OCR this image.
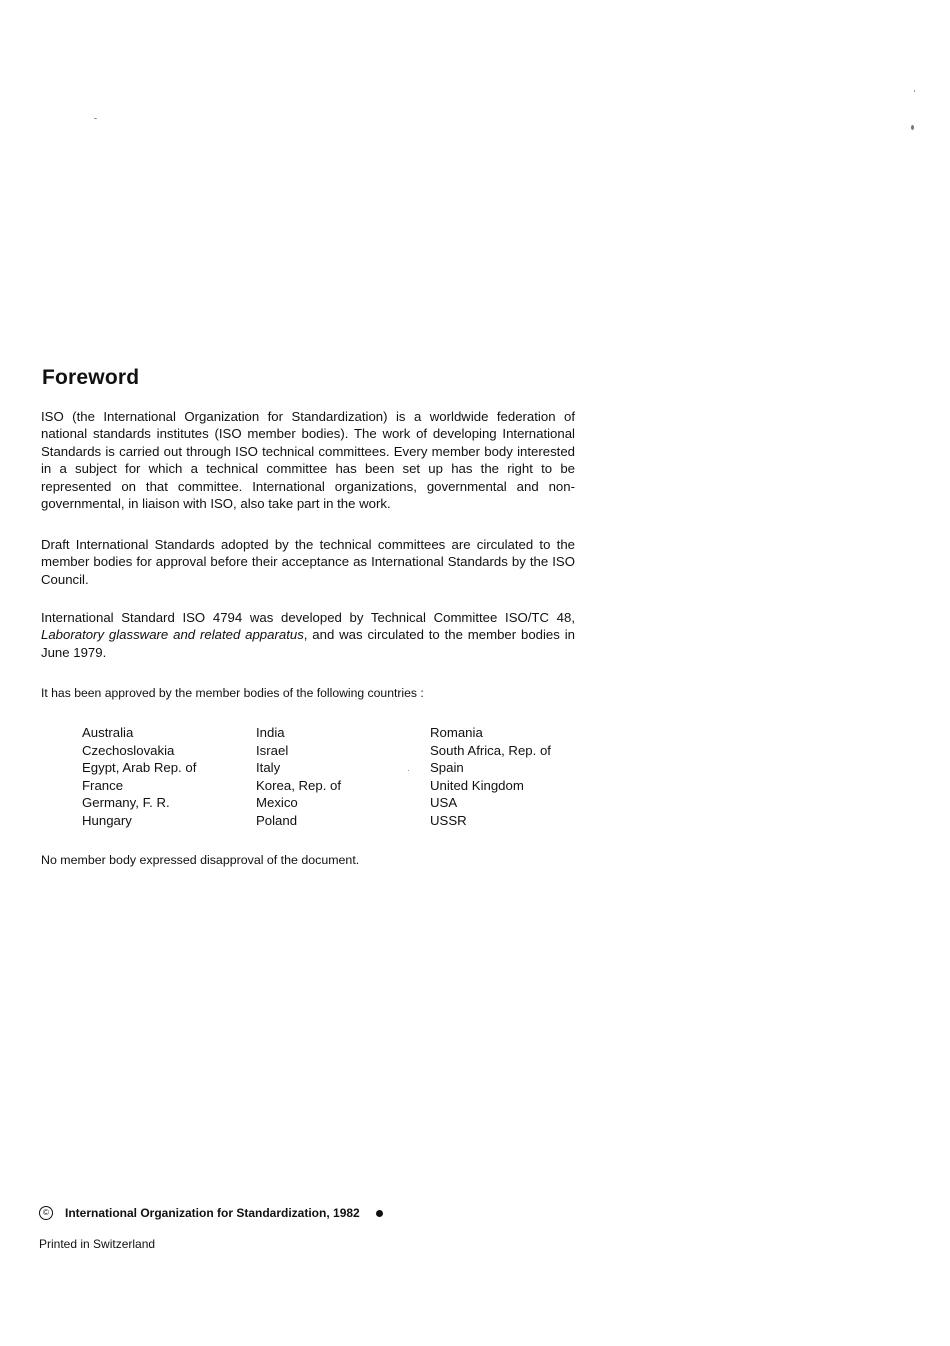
Foreword

ISO (the International Organization for Standardization) is a worldwide federation of national standards institutes (ISO member bodies). The work of developing International Standards is carried out through ISO technical committees. Every member body interested in a subject for which a technical committee has been set up has the right to be represented on that committee. International organizations, governmental and non-governmental, in liaison with ISO, also take part in the work.

Draft International Standards adopted by the technical committees are circulated to the member bodies for approval before their acceptance as International Standards by the ISO Council.

International Standard ISO 4794 was developed by Technical Committee ISO/TC 48, Laboratory glassware and related apparatus, and was circulated to the member bodies in June 1979.

It has been approved by the member bodies of the following countries :

Australia
Czechoslovakia
Egypt, Arab Rep. of
France
Germany, F. R.
Hungary
India
Israel
Italy
Korea, Rep. of
Mexico
Poland
Romania
South Africa, Rep. of
Spain
United Kingdom
USA
USSR

No member body expressed disapproval of the document.

©	International Organization for Standardization, 1982

Printed in Switzerland
